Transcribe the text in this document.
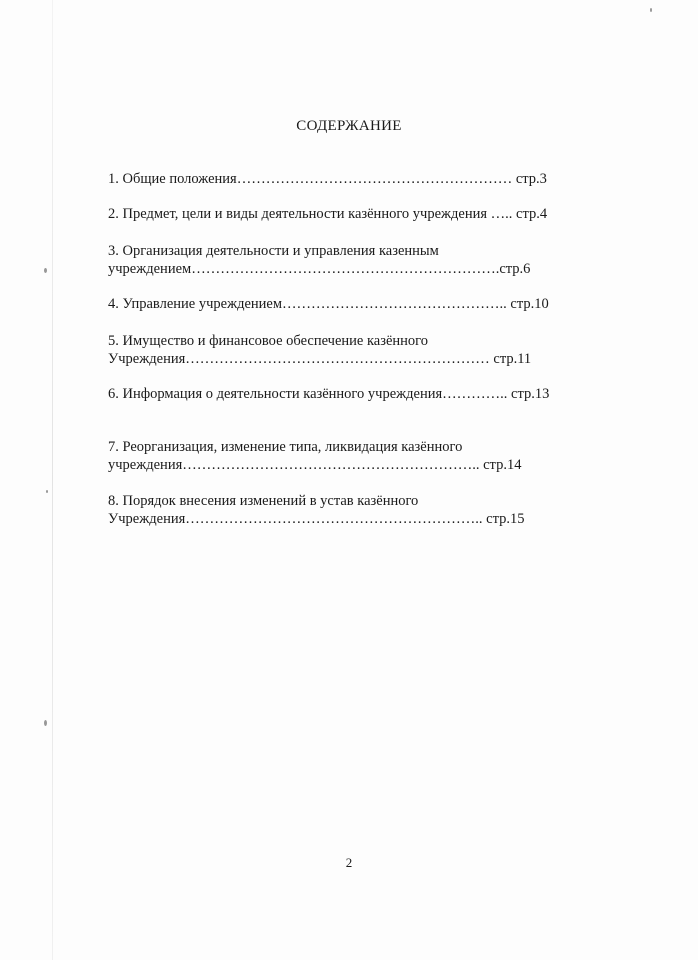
СОДЕРЖАНИЕ
1. Общие положения………………………………………………… стр.3
2. Предмет, цели и виды деятельности казённого учреждения ….. стр.4
3. Организация деятельности и управления казенным
учреждением……………………………………………………….стр.6
4. Управление учреждением……………………………………….. стр.10
5. Имущество и финансовое обеспечение казённого
Учреждения……………………………………………………… стр.11
6. Информация о деятельности казённого учреждения………….. стр.13
7. Реорганизация, изменение типа, ликвидация казённого
учреждения…………………………………………………….. стр.14
8. Порядок внесения изменений в устав казённого
Учреждения…………………………………………………….. стр.15
2
